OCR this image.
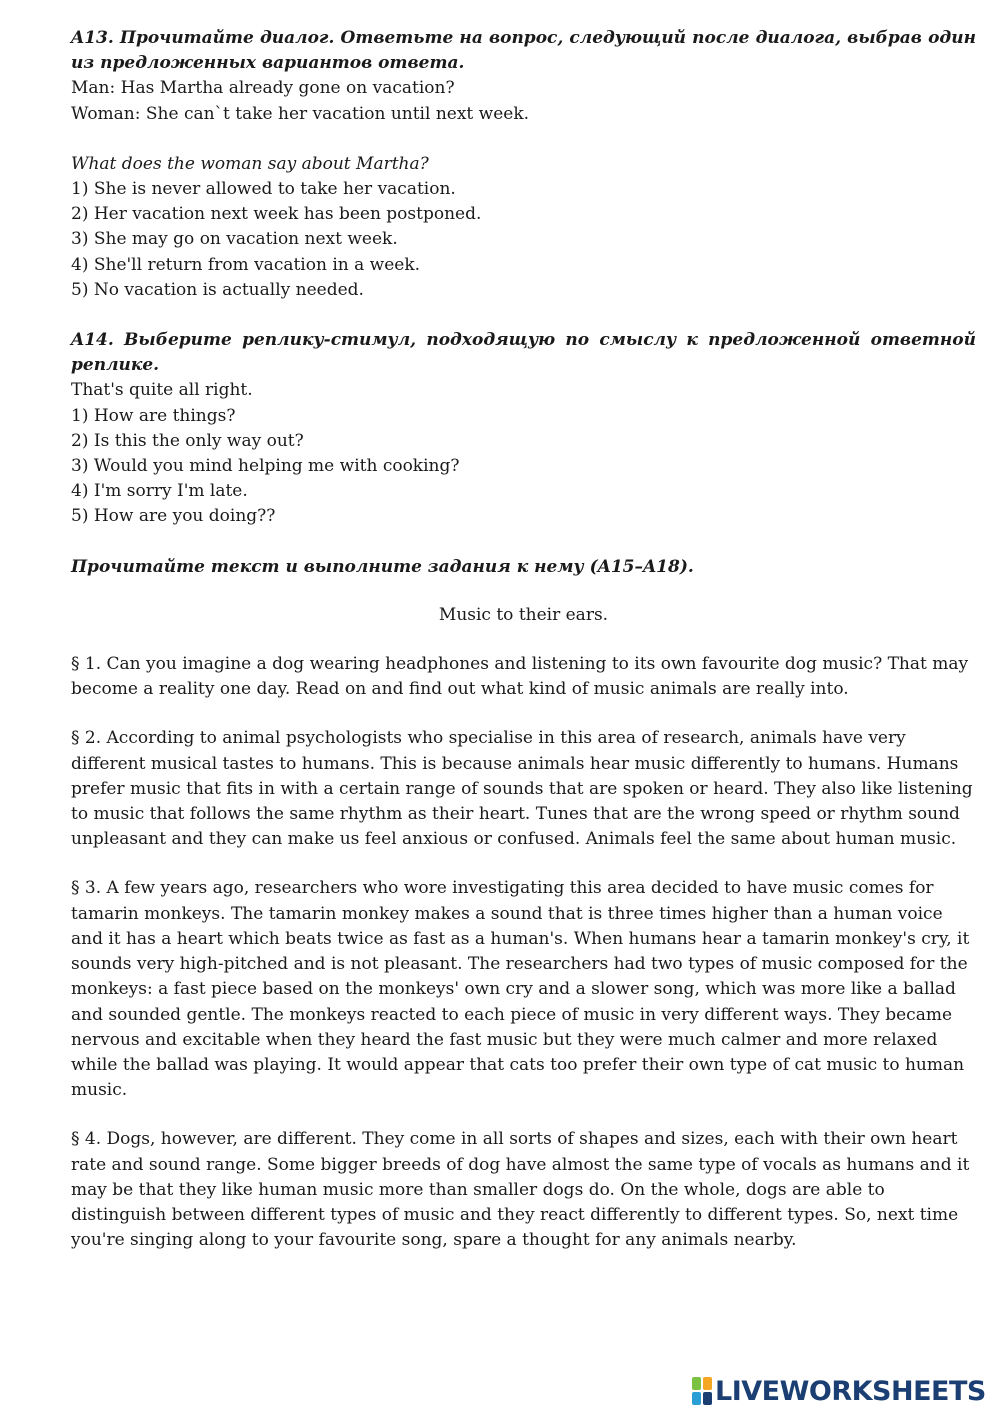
A13. Прочитайте диалог. Ответьте на вопрос, следующий после диалога, выбрав один из предложенных вариантов ответа.

Man: Has Martha already gone on vacation?

Woman: She can`t take her vacation until next week.

What does the woman say about Martha?

1) She is never allowed to take her vacation.

2) Her vacation next week has been postponed.

3) She may go on vacation next week.

4) She'll return from vacation in a week.

5) No vacation is actually needed.

A14. Выберите реплику-стимул, подходящую по смыслу к предложенной ответной реплике.

That's quite all right.

1) How are things?

2) Is this the only way out?

3) Would you mind helping me with cooking?

4) I'm sorry I'm late.

5) How are you doing??

Прочитайте текст и выполните задания к нему (A15–A18).

Music to their ears.

§ 1. Can you imagine a dog wearing headphones and listening to its own favourite dog music? That may become a reality one day. Read on and find out what kind of music animals are really into.

§ 2. According to animal psychologists who specialise in this area of research, animals have very different musical tastes to humans. This is because animals hear music differently to humans. Humans prefer music that fits in with a certain range of sounds that are spoken or heard. They also like listening to music that follows the same rhythm as their heart. Tunes that are the wrong speed or rhythm sound unpleasant and they can make us feel anxious or confused. Animals feel the same about human music.

§ 3. A few years ago, researchers who wore investigating this area decided to have music comes for tamarin monkeys. The tamarin monkey makes a sound that is three times higher than a human voice and it has a heart which beats twice as fast as a human's. When humans hear a tamarin monkey's cry, it sounds very high-pitched and is not pleasant. The researchers had two types of music composed for the monkeys: a fast piece based on the monkeys' own cry and a slower song, which was more like a ballad and sounded gentle. The monkeys reacted to each piece of music in very different ways. They became nervous and excitable when they heard the fast music but they were much calmer and more relaxed while the ballad was playing. It would appear that cats too prefer their own type of cat music to human music.

§ 4. Dogs, however, are different. They come in all sorts of shapes and sizes, each with their own heart rate and sound range. Some bigger breeds of dog have almost the same type of vocals as humans and it may be that they like human music more than smaller dogs do. On the whole, dogs are able to distinguish between different types of music and they react differently to different types. So, next time you're singing along to your favourite song, spare a thought for any animals nearby.

LIVEWORKSHEETS
